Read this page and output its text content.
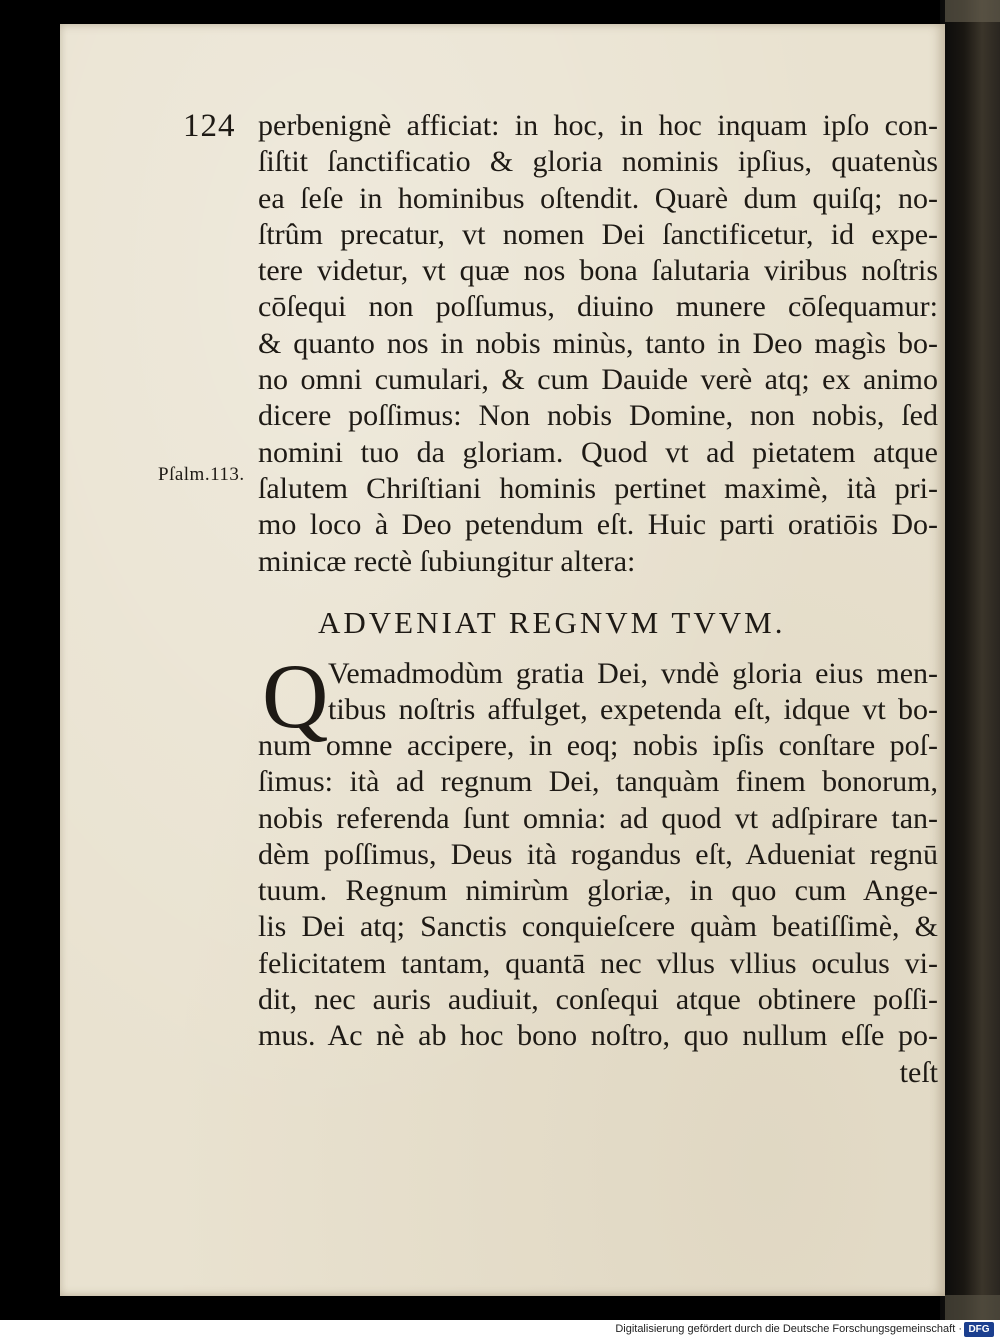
124
Pſalm.113.
perbenignè afficiat: in hoc, in hoc inquam ipſo con-
ſiſtit ſanctificatio & gloria nominis ipſius, quatenùs
ea ſeſe in hominibus oſtendit. Quarè dum quiſq; no-
ſtrûm precatur, vt nomen Dei ſanctificetur, id expe-
tere videtur, vt quæ nos bona ſalutaria viribus noſtris
cōſequi non poſſumus, diuino munere cōſequamur:
& quanto nos in nobis minùs, tanto in Deo magìs bo-
no omni cumulari, & cum Dauide verè atq; ex animo
dicere poſſimus: Non nobis Domine, non nobis, ſed
nomini tuo da gloriam. Quod vt ad pietatem atque
ſalutem Chriſtiani hominis pertinet maximè, ità pri-
mo loco à Deo petendum eſt. Huic parti oratiōis Do-
minicæ rectè ſubiungitur altera:
ADVENIAT REGNVM TVVM.
Q Vemadmodùm gratia Dei, vndè gloria eius men-
tibus noſtris affulget, expetenda eſt, idque vt bo-
num omne accipere, in eoq; nobis ipſis conſtare poſ-
ſimus: ità ad regnum Dei, tanquàm finem bonorum,
nobis referenda ſunt omnia: ad quod vt adſpirare tan-
dèm poſſimus, Deus ità rogandus eſt, Adueniat regnū
tuum. Regnum nimirùm gloriæ, in quo cum Ange-
lis Dei atq; Sanctis conquieſcere quàm beatiſſimè, &
felicitatem tantam, quantā nec vllus vllius oculus vi-
dit, nec auris audiuit, conſequi atque obtinere poſſi-
mus. Ac nè ab hoc bono noſtro, quo nullum eſſe po-
teſt
Digitalisierung gefördert durch die Deutsche Forschungsgemeinschaft · DFG
